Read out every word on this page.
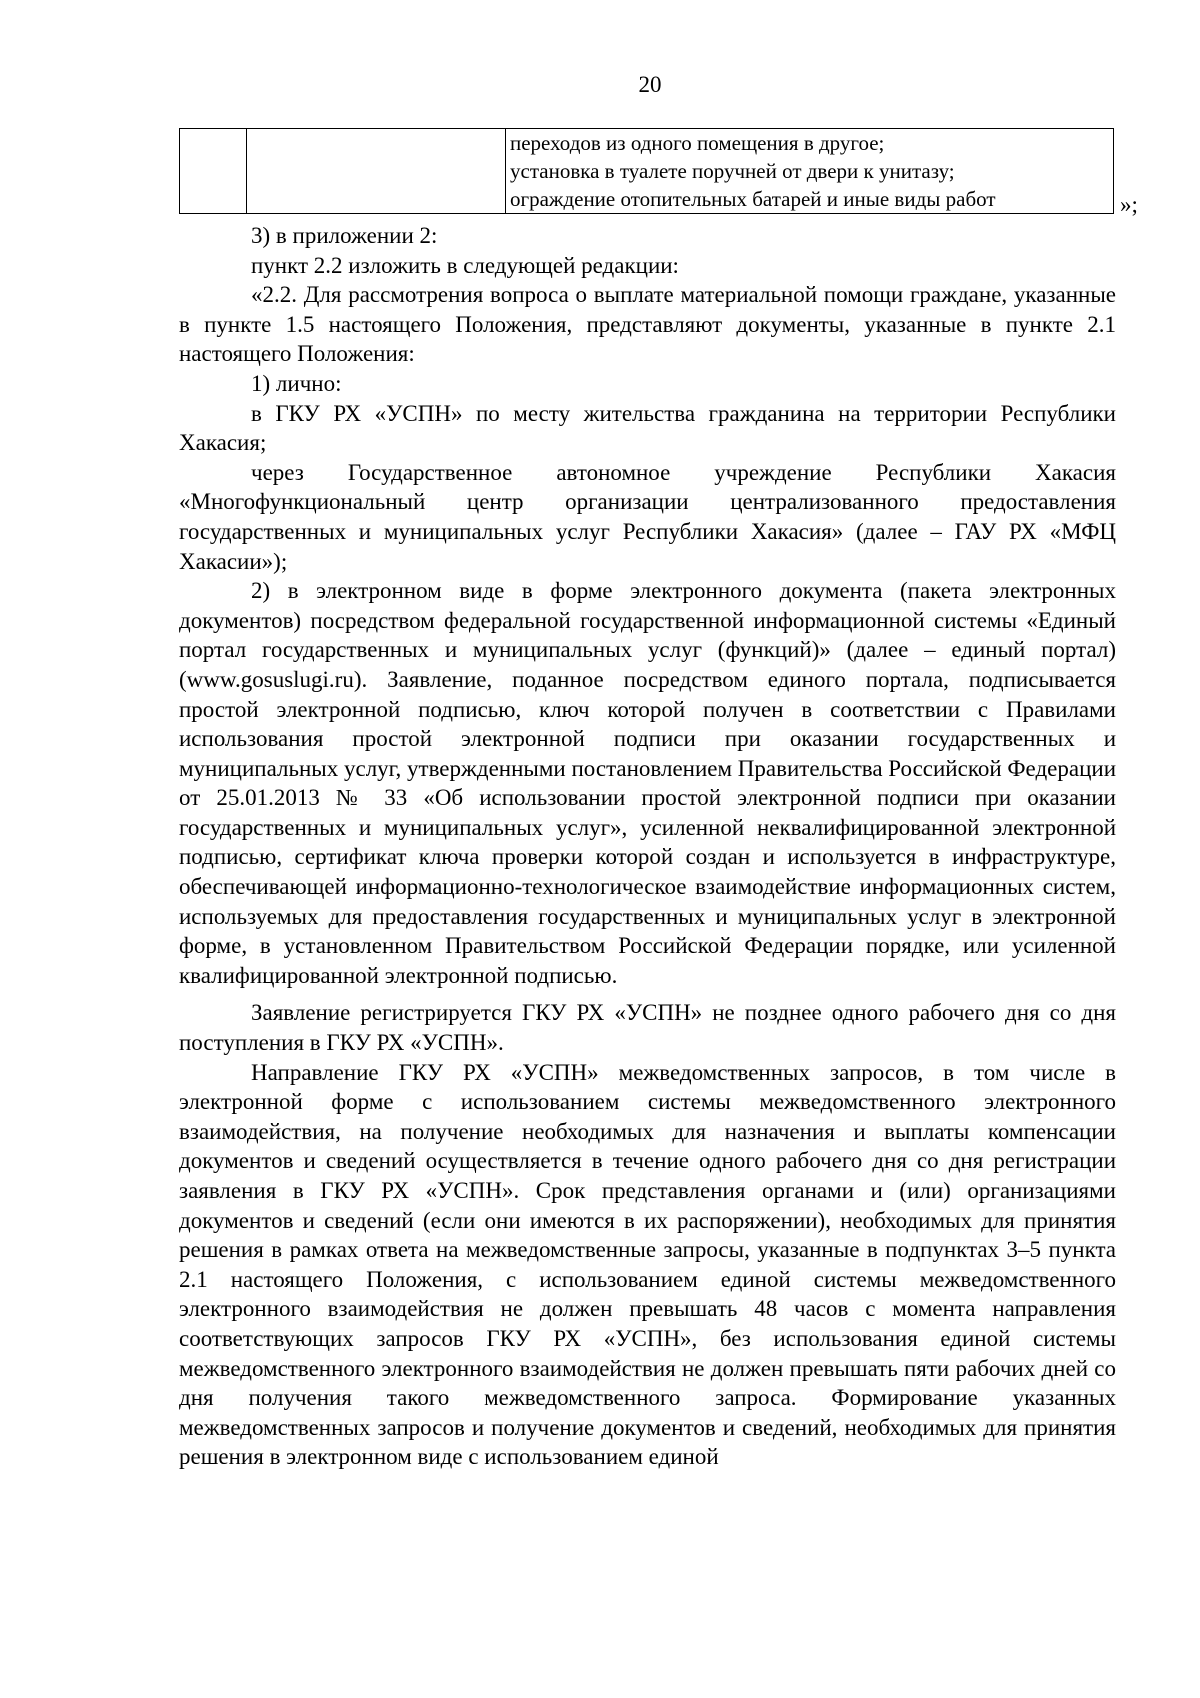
20

переходов из одного помещения в другое;
установка в туалете поручней от двери к унитазу;
ограждение отопительных батарей и иные виды работ	»;

3) в приложении 2:

пункт 2.2 изложить в следующей редакции:

«2.2. Для рассмотрения вопроса о выплате материальной помощи граждане, указанные в пункте 1.5 настоящего Положения, представляют документы, указанные в пункте 2.1 настоящего Положения:

1) лично:

в ГКУ РХ «УСПН» по месту жительства гражданина на территории Республики Хакасия;

через Государственное автономное учреждение Республики Хакасия «Многофункциональный центр организации централизованного предоставления государственных и муниципальных услуг Республики Хакасия» (далее – ГАУ РХ «МФЦ Хакасии»);

2) в электронном виде в форме электронного документа (пакета электронных документов) посредством федеральной государственной информационной системы «Единый портал государственных и муниципальных услуг (функций)» (далее – единый портал) (www.gosuslugi.ru). Заявление, поданное посредством единого портала, подписывается простой электронной подписью, ключ которой получен в соответствии с Правилами использования простой электронной подписи при оказании государственных и муниципальных услуг, утвержденными постановлением Правительства Российской Федерации от 25.01.2013 № 33 «Об использовании простой электронной подписи при оказании государственных и муниципальных услуг», усиленной неквалифицированной электронной подписью, сертификат ключа проверки которой создан и используется в инфраструктуре, обеспечивающей информационно-технологическое взаимодействие информационных систем, используемых для предоставления государственных и муниципальных услуг в электронной форме, в установленном Правительством Российской Федерации порядке, или усиленной квалифицированной электронной подписью.

Заявление регистрируется ГКУ РХ «УСПН» не позднее одного рабочего дня со дня поступления в ГКУ РХ «УСПН».

Направление ГКУ РХ «УСПН» межведомственных запросов, в том числе в электронной форме с использованием системы межведомственного электронного взаимодействия, на получение необходимых для назначения и выплаты компенсации документов и сведений осуществляется в течение одного рабочего дня со дня регистрации заявления в ГКУ РХ «УСПН». Срок представления органами и (или) организациями документов и сведений (если они имеются в их распоряжении), необходимых для принятия решения в рамках ответа на межведомственные запросы, указанные в подпунктах 3–5 пункта 2.1 настоящего Положения, с использованием единой системы межведомственного электронного взаимодействия не должен превышать 48 часов с момента направления соответствующих запросов ГКУ РХ «УСПН», без использования единой системы межведомственного электронного взаимодействия не должен превышать пяти рабочих дней со дня получения такого межведомственного запроса. Формирование указанных межведомственных запросов и получение документов и сведений, необходимых для принятия решения в электронном виде с использованием единой
